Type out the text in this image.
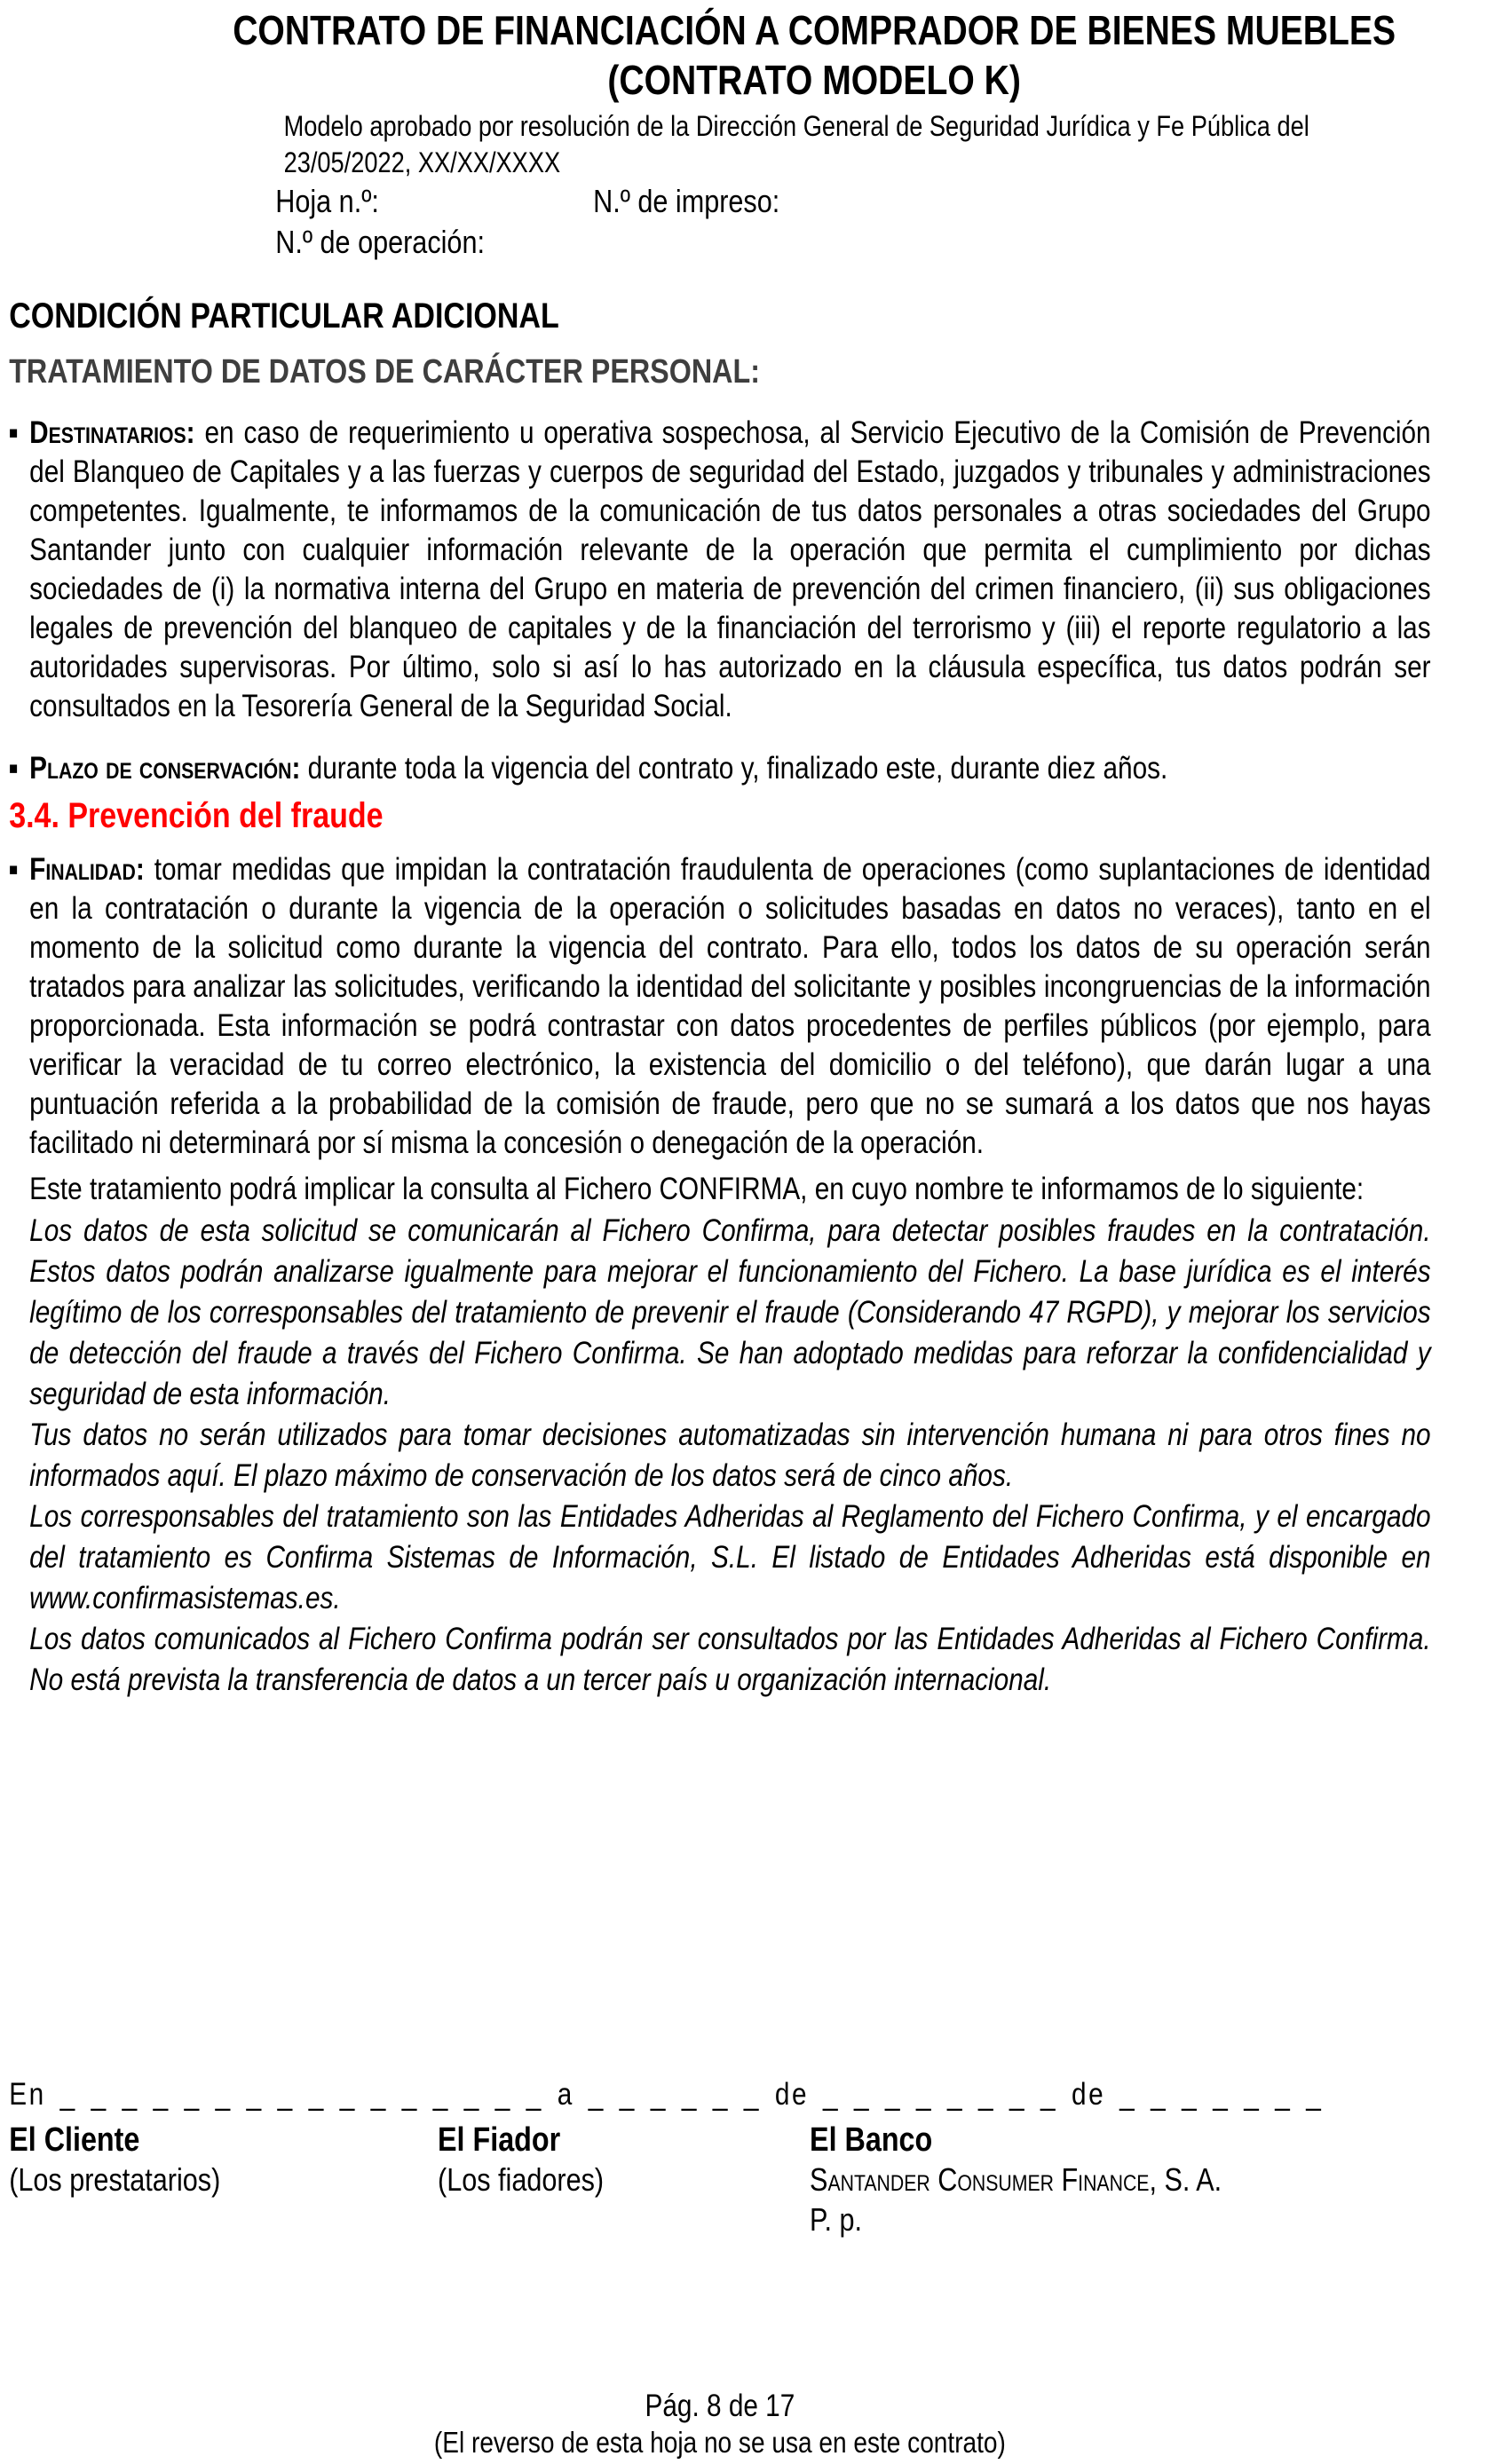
CONTRATO DE FINANCIACIÓN A COMPRADOR DE BIENES MUEBLES
(CONTRATO MODELO K)
Modelo aprobado por resolución de la Dirección General de Seguridad Jurídica y Fe Pública del
23/05/2022, XX/XX/XXXX
Hoja n.º:	N.º de impreso:
N.º de operación:
CONDICIÓN PARTICULAR ADICIONAL
TRATAMIENTO DE DATOS DE CARÁCTER PERSONAL:
▪ Destinatarios: en caso de requerimiento u operativa sospechosa, al Servicio Ejecutivo de la Comisión de Prevención del Blanqueo de Capitales y a las fuerzas y cuerpos de seguridad del Estado, juzgados y tribunales y administraciones competentes. Igualmente, te informamos de la comunicación de tus datos personales a otras sociedades del Grupo Santander junto con cualquier información relevante de la operación que permita el cumplimiento por dichas sociedades de (i) la normativa interna del Grupo en materia de prevención del crimen financiero, (ii) sus obligaciones legales de prevención del blanqueo de capitales y de la financiación del terrorismo y (iii) el reporte regulatorio a las autoridades supervisoras. Por último, solo si así lo has autorizado en la cláusula específica, tus datos podrán ser consultados en la Tesorería General de la Seguridad Social.
▪ Plazo de conservación: durante toda la vigencia del contrato y, finalizado este, durante diez años.
3.4. Prevención del fraude
▪ Finalidad: tomar medidas que impidan la contratación fraudulenta de operaciones (como suplantaciones de identidad en la contratación o durante la vigencia de la operación o solicitudes basadas en datos no veraces), tanto en el momento de la solicitud como durante la vigencia del contrato. Para ello, todos los datos de su operación serán tratados para analizar las solicitudes, verificando la identidad del solicitante y posibles incongruencias de la información proporcionada. Esta información se podrá contrastar con datos procedentes de perfiles públicos (por ejemplo, para verificar la veracidad de tu correo electrónico, la existencia del domicilio o del teléfono), que darán lugar a una puntuación referida a la probabilidad de la comisión de fraude, pero que no se sumará a los datos que nos hayas facilitado ni determinará por sí misma la concesión o denegación de la operación.
Este tratamiento podrá implicar la consulta al Fichero CONFIRMA, en cuyo nombre te informamos de lo siguiente:
Los datos de esta solicitud se comunicarán al Fichero Confirma, para detectar posibles fraudes en la contratación. Estos datos podrán analizarse igualmente para mejorar el funcionamiento del Fichero. La base jurídica es el interés legítimo de los corresponsables del tratamiento de prevenir el fraude (Considerando 47 RGPD), y mejorar los servicios de detección del fraude a través del Fichero Confirma. Se han adoptado medidas para reforzar la confidencialidad y seguridad de esta información.
Tus datos no serán utilizados para tomar decisiones automatizadas sin intervención humana ni para otros fines no informados aquí. El plazo máximo de conservación de los datos será de cinco años.
Los corresponsables del tratamiento son las Entidades Adheridas al Reglamento del Fichero Confirma, y el encargado del tratamiento es Confirma Sistemas de Información, S.L. El listado de Entidades Adheridas está disponible en www.confirmasistemas.es.
Los datos comunicados al Fichero Confirma podrán ser consultados por las Entidades Adheridas al Fichero Confirma. No está prevista la transferencia de datos a un tercer país u organización internacional.
En _ _ _ _ _ _ _ _ _ _ _ _ _ _ _ _ a _ _ _ _ _ _ de _ _ _ _ _ _ _ _ de _ _ _ _ _ _ _
El Cliente
(Los prestatarios)
El Fiador
(Los fiadores)
El Banco
Santander Consumer Finance, S. A.
P. p.
Pág. 8 de 17
(El reverso de esta hoja no se usa en este contrato)
